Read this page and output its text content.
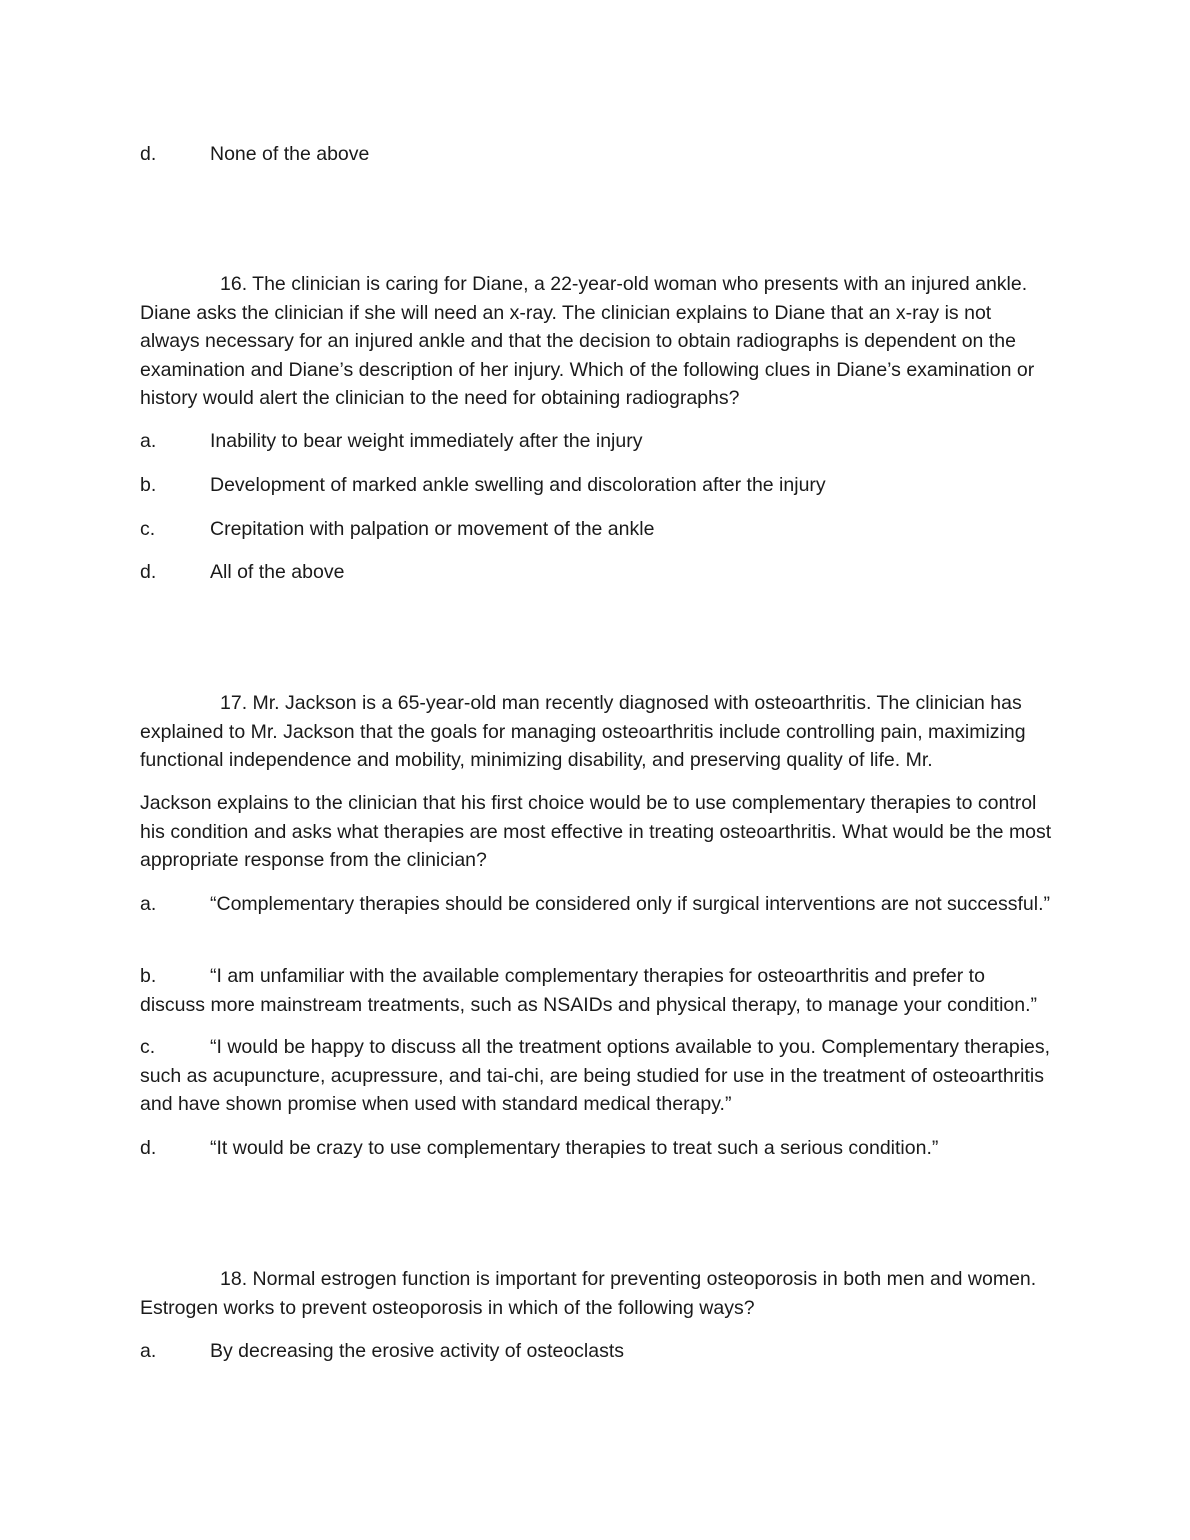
d.	None of the above
16. The clinician is caring for Diane, a 22-year-old woman who presents with an injured ankle. Diane asks the clinician if she will need an x-ray. The clinician explains to Diane that an x-ray is not always necessary for an injured ankle and that the decision to obtain radiographs is dependent on the examination and Diane’s description of her injury. Which of the following clues in Diane’s examination or history would alert the clinician to the need for obtaining radiographs?
a.	Inability to bear weight immediately after the injury
b.	Development of marked ankle swelling and discoloration after the injury
c.	Crepitation with palpation or movement of the ankle
d.	All of the above
17. Mr. Jackson is a 65-year-old man recently diagnosed with osteoarthritis. The clinician has explained to Mr. Jackson that the goals for managing osteoarthritis include controlling pain, maximizing functional independence and mobility, minimizing disability, and preserving quality of life. Mr.
Jackson explains to the clinician that his first choice would be to use complementary therapies to control his condition and asks what therapies are most effective in treating osteoarthritis. What would be the most appropriate response from the clinician?
a.	“Complementary therapies should be considered only if surgical interventions are not successful.”
b.	“I am unfamiliar with the available complementary therapies for osteoarthritis and prefer to discuss more mainstream treatments, such as NSAIDs and physical therapy, to manage your condition.”
c.	“I would be happy to discuss all the treatment options available to you. Complementary therapies, such as acupuncture, acupressure, and tai-chi, are being studied for use in the treatment of osteoarthritis and have shown promise when used with standard medical therapy.”
d.	“It would be crazy to use complementary therapies to treat such a serious condition.”
18. Normal estrogen function is important for preventing osteoporosis in both men and women. Estrogen works to prevent osteoporosis in which of the following ways?
a.	By decreasing the erosive activity of osteoclasts
